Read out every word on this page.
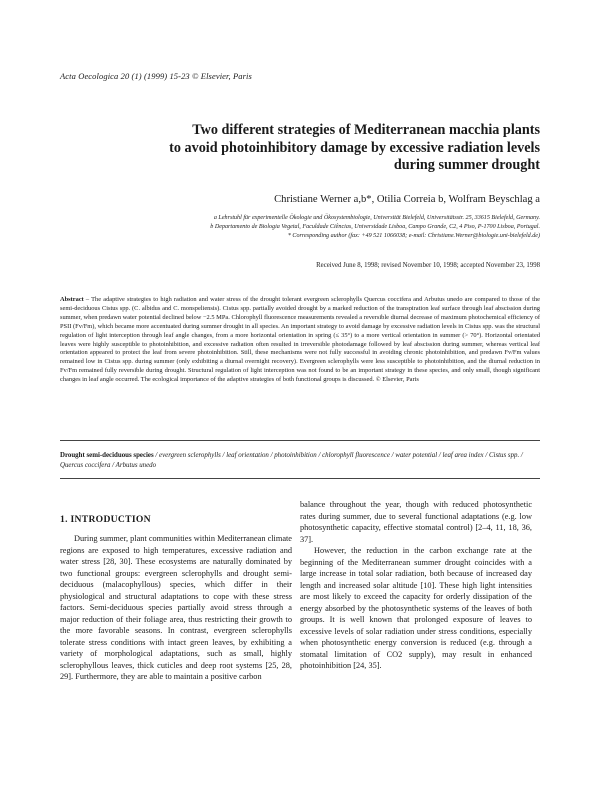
Acta Oecologica 20 (1) (1999) 15-23 © Elsevier, Paris
Two different strategies of Mediterranean macchia plants
to avoid photoinhibitory damage by excessive radiation levels
during summer drought
Christiane Werner a,b*, Otilia Correia b, Wolfram Beyschlag a
a Lehrstuhl für experimentelle Ökologie und Ökosystembiologie, Universität Bielefeld, Universitätsstr. 25, 33615 Bielefeld, Germany.
b Departamento de Biologia Vegetal, Faculdade Ciências, Universidade Lisboa, Campo Grande, C2, 4 Piso, P-1700 Lisboa, Portugal.
* Corresponding author (fax: +49 521 1066038; e-mail: Christiane.Werner@biologie.uni-bielefeld.de)
Received June 8, 1998; revised November 10, 1998; accepted November 23, 1998
Abstract – The adaptive strategies to high radiation and water stress of the drought tolerant evergreen sclerophylls Quercus coccifera and Arbutus unedo are compared to those of the semi-deciduous Cistus spp. (C. albidus and C. monspeliensis). Cistus spp. partially avoided drought by a marked reduction of the transpiration leaf surface through leaf abscission during summer, when predawn water potential declined below −2.5 MPa. Chlorophyll fluorescence measurements revealed a reversible diurnal decrease of maximum photochemical efficiency of PSII (Fv/Fm), which became more accentuated during summer drought in all species. An important strategy to avoid damage by excessive radiation levels in Cistus spp. was the structural regulation of light interception through leaf angle changes, from a more horizontal orientation in spring (≤ 35°) to a more vertical orientation in summer (> 70°). Horizontal orientated leaves were highly susceptible to photoinhibition, and excessive radiation often resulted in irreversible photodamage followed by leaf abscission during summer, whereas vertical leaf orientation appeared to protect the leaf from severe photoinhibition. Still, these mechanisms were not fully successful in avoiding chronic photoinhibition, and predawn Fv/Fm values remained low in Cistus spp. during summer (only exhibiting a diurnal overnight recovery). Evergreen sclerophylls were less susceptible to photoinhibition, and the diurnal reduction in Fv/Fm remained fully reversible during drought. Structural regulation of light interception was not found to be an important strategy in these species, and only small, though significant changes in leaf angle occurred. The ecological importance of the adaptive strategies of both functional groups is discussed. © Elsevier, Paris
Drought semi-deciduous species / evergreen sclerophylls / leaf orientation / photoinhibition / chlorophyll fluorescence / water potential / leaf area index / Cistus spp. / Quercus coccifera / Arbutus unedo
1. INTRODUCTION

During summer, plant communities within Mediterranean climate regions are exposed to high temperatures, excessive radiation and water stress [28, 30]. These ecosystems are naturally dominated by two functional groups: evergreen sclerophylls and drought semi-deciduous (malacophyllous) species, which differ in their physiological and structural adaptations to cope with these stress factors. Semi-deciduous species partially avoid stress through a major reduction of their foliage area, thus restricting their growth to the more favorable seasons. In contrast, evergreen sclerophylls tolerate stress conditions with intact green leaves, by exhibiting a variety of morphological adaptations, such as small, highly sclerophyllous leaves, thick cuticles and deep root systems [25, 28, 29]. Furthermore, they are able to maintain a positive carbon

balance throughout the year, though with reduced photosynthetic rates during summer, due to several functional adaptations (e.g. low photosynthetic capacity, effective stomatal control) [2–4, 11, 18, 36, 37].

However, the reduction in the carbon exchange rate at the beginning of the Mediterranean summer drought coincides with a large increase in total solar radiation, both because of increased day length and increased solar altitude [10]. These high light intensities are most likely to exceed the capacity for orderly dissipation of the energy absorbed by the photosynthetic systems of the leaves of both groups. It is well known that prolonged exposure of leaves to excessive levels of solar radiation under stress conditions, especially when photosynthetic energy conversion is reduced (e.g. through a stomatal limitation of CO2 supply), may result in enhanced photoinhibition [24, 35].
